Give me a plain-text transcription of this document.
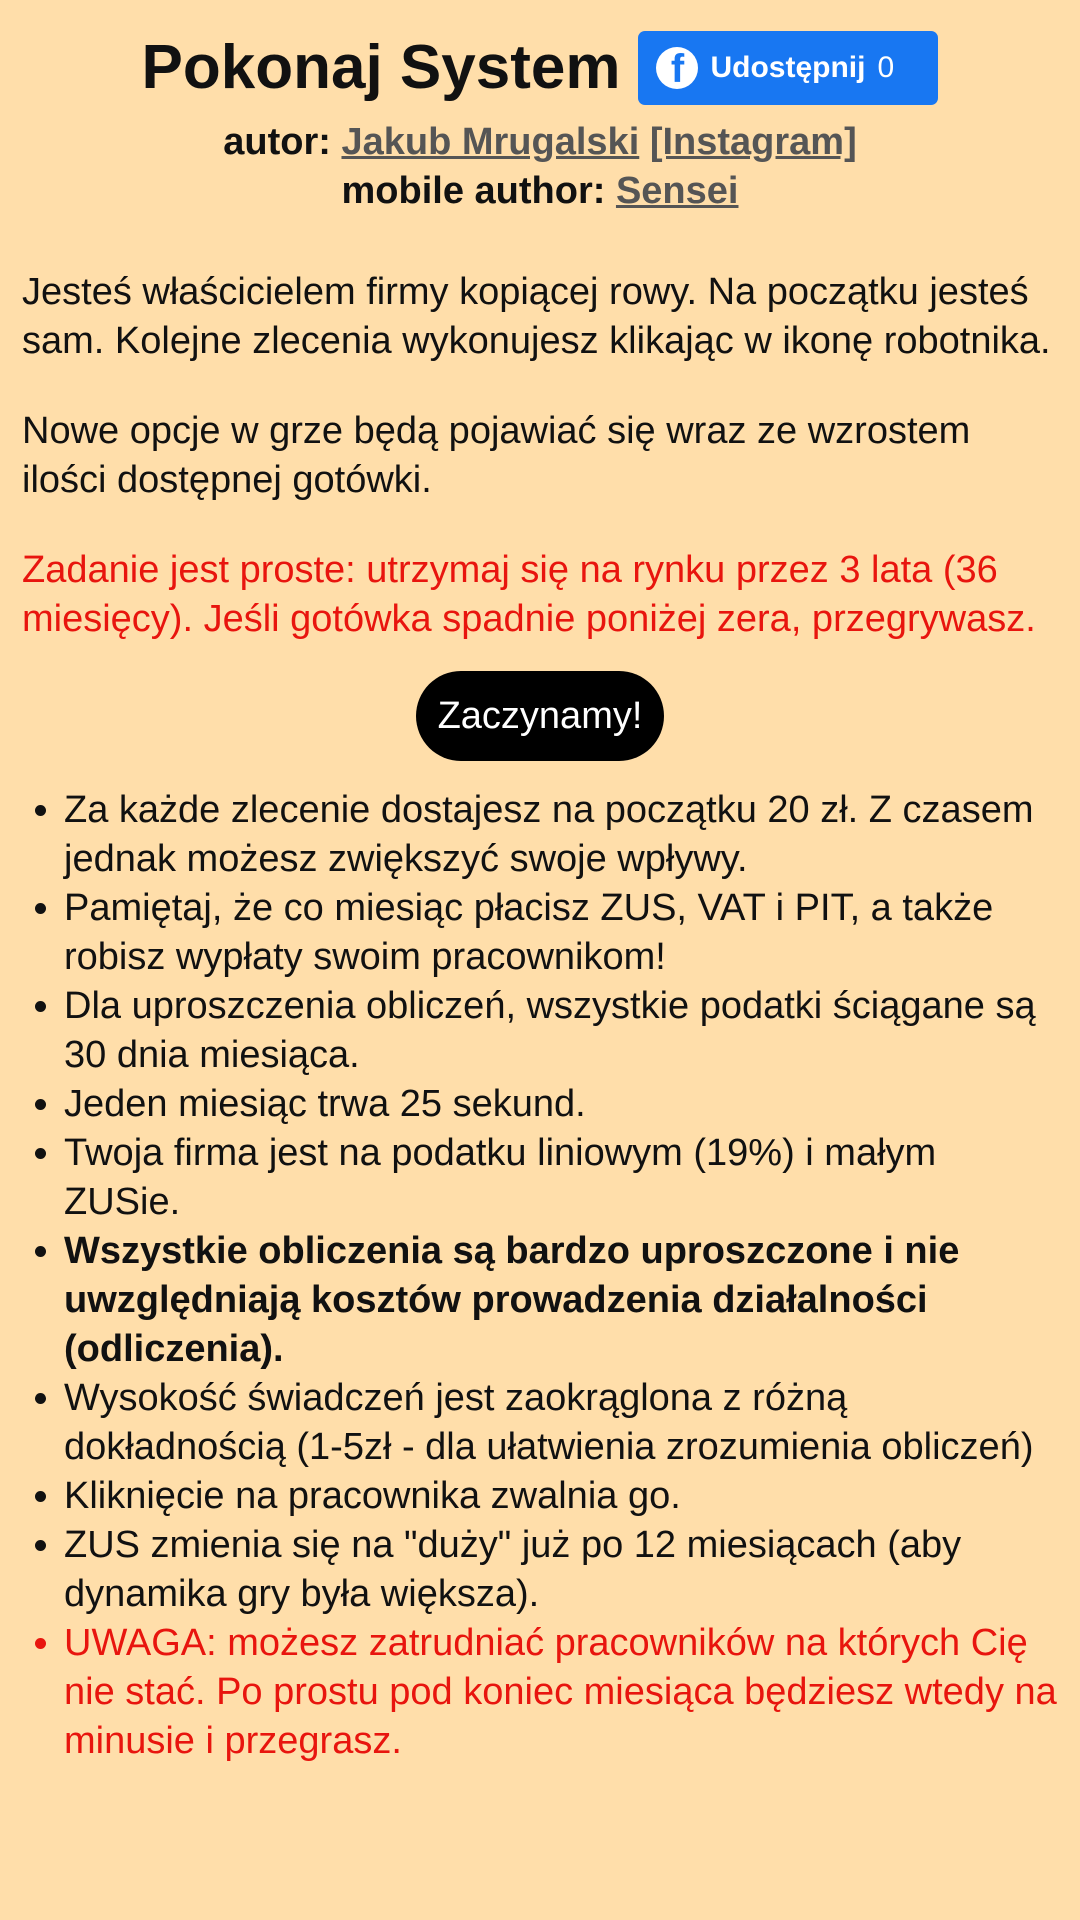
Pokonaj System	f Udostępnij 0
autor: Jakub Mrugalski [Instagram]
mobile author: Sensei

Jesteś właścicielem firmy kopiącej rowy. Na początku jesteś sam. Kolejne zlecenia wykonujesz klikając w ikonę robotnika.

Nowe opcje w grze będą pojawiać się wraz ze wzrostem ilości dostępnej gotówki.

Zadanie jest proste: utrzymaj się na rynku przez 3 lata (36 miesięcy). Jeśli gotówka spadnie poniżej zera, przegrywasz.

Zaczynamy!
• Za każde zlecenie dostajesz na początku 20 zł. Z czasem jednak możesz zwiększyć swoje wpływy.
• Pamiętaj, że co miesiąc płacisz ZUS, VAT i PIT, a także robisz wypłaty swoim pracownikom!
• Dla uproszczenia obliczeń, wszystkie podatki ściągane są 30 dnia miesiąca.
• Jeden miesiąc trwa 25 sekund.
• Twoja firma jest na podatku liniowym (19%) i małym ZUSie.
• Wszystkie obliczenia są bardzo uproszczone i nie uwzględniają kosztów prowadzenia działalności (odliczenia).
• Wysokość świadczeń jest zaokrąglona z różną dokładnością (1-5zł - dla ułatwienia zrozumienia obliczeń)
• Kliknięcie na pracownika zwalnia go.
• ZUS zmienia się na "duży" już po 12 miesiącach (aby dynamika gry była większa).
• UWAGA: możesz zatrudniać pracowników na których Cię nie stać. Po prostu pod koniec miesiąca będziesz wtedy na minusie i przegrasz.
